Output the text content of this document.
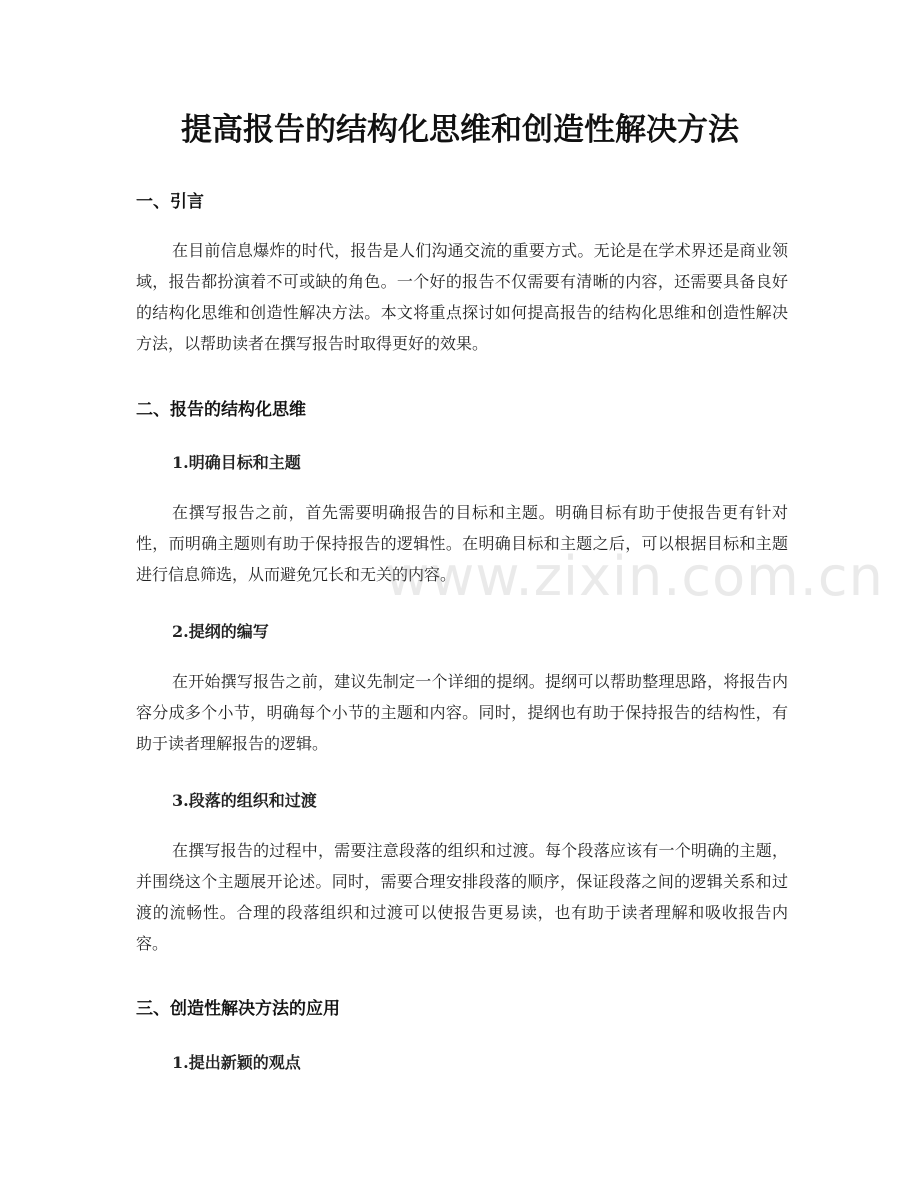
提高报告的结构化思维和创造性解决方法
一、引言

在目前信息爆炸的时代，报告是人们沟通交流的重要方式。无论是在学术界还是商业领域，报告都扮演着不可或缺的角色。一个好的报告不仅需要有清晰的内容，还需要具备良好的结构化思维和创造性解决方法。本文将重点探讨如何提高报告的结构化思维和创造性解决方法，以帮助读者在撰写报告时取得更好的效果。

二、报告的结构化思维
1.明确目标和主题

在撰写报告之前，首先需要明确报告的目标和主题。明确目标有助于使报告更有针对性，而明确主题则有助于保持报告的逻辑性。在明确目标和主题之后，可以根据目标和主题进行信息筛选，从而避免冗长和无关的内容。

2.提纲的编写

在开始撰写报告之前，建议先制定一个详细的提纲。提纲可以帮助整理思路，将报告内容分成多个小节，明确每个小节的主题和内容。同时，提纲也有助于保持报告的结构性，有助于读者理解报告的逻辑。

3.段落的组织和过渡

在撰写报告的过程中，需要注意段落的组织和过渡。每个段落应该有一个明确的主题，并围绕这个主题展开论述。同时，需要合理安排段落的顺序，保证段落之间的逻辑关系和过渡的流畅性。合理的段落组织和过渡可以使报告更易读，也有助于读者理解和吸收报告内容。

三、创造性解决方法的应用
1.提出新颖的观点
www.zixin.com.cn
